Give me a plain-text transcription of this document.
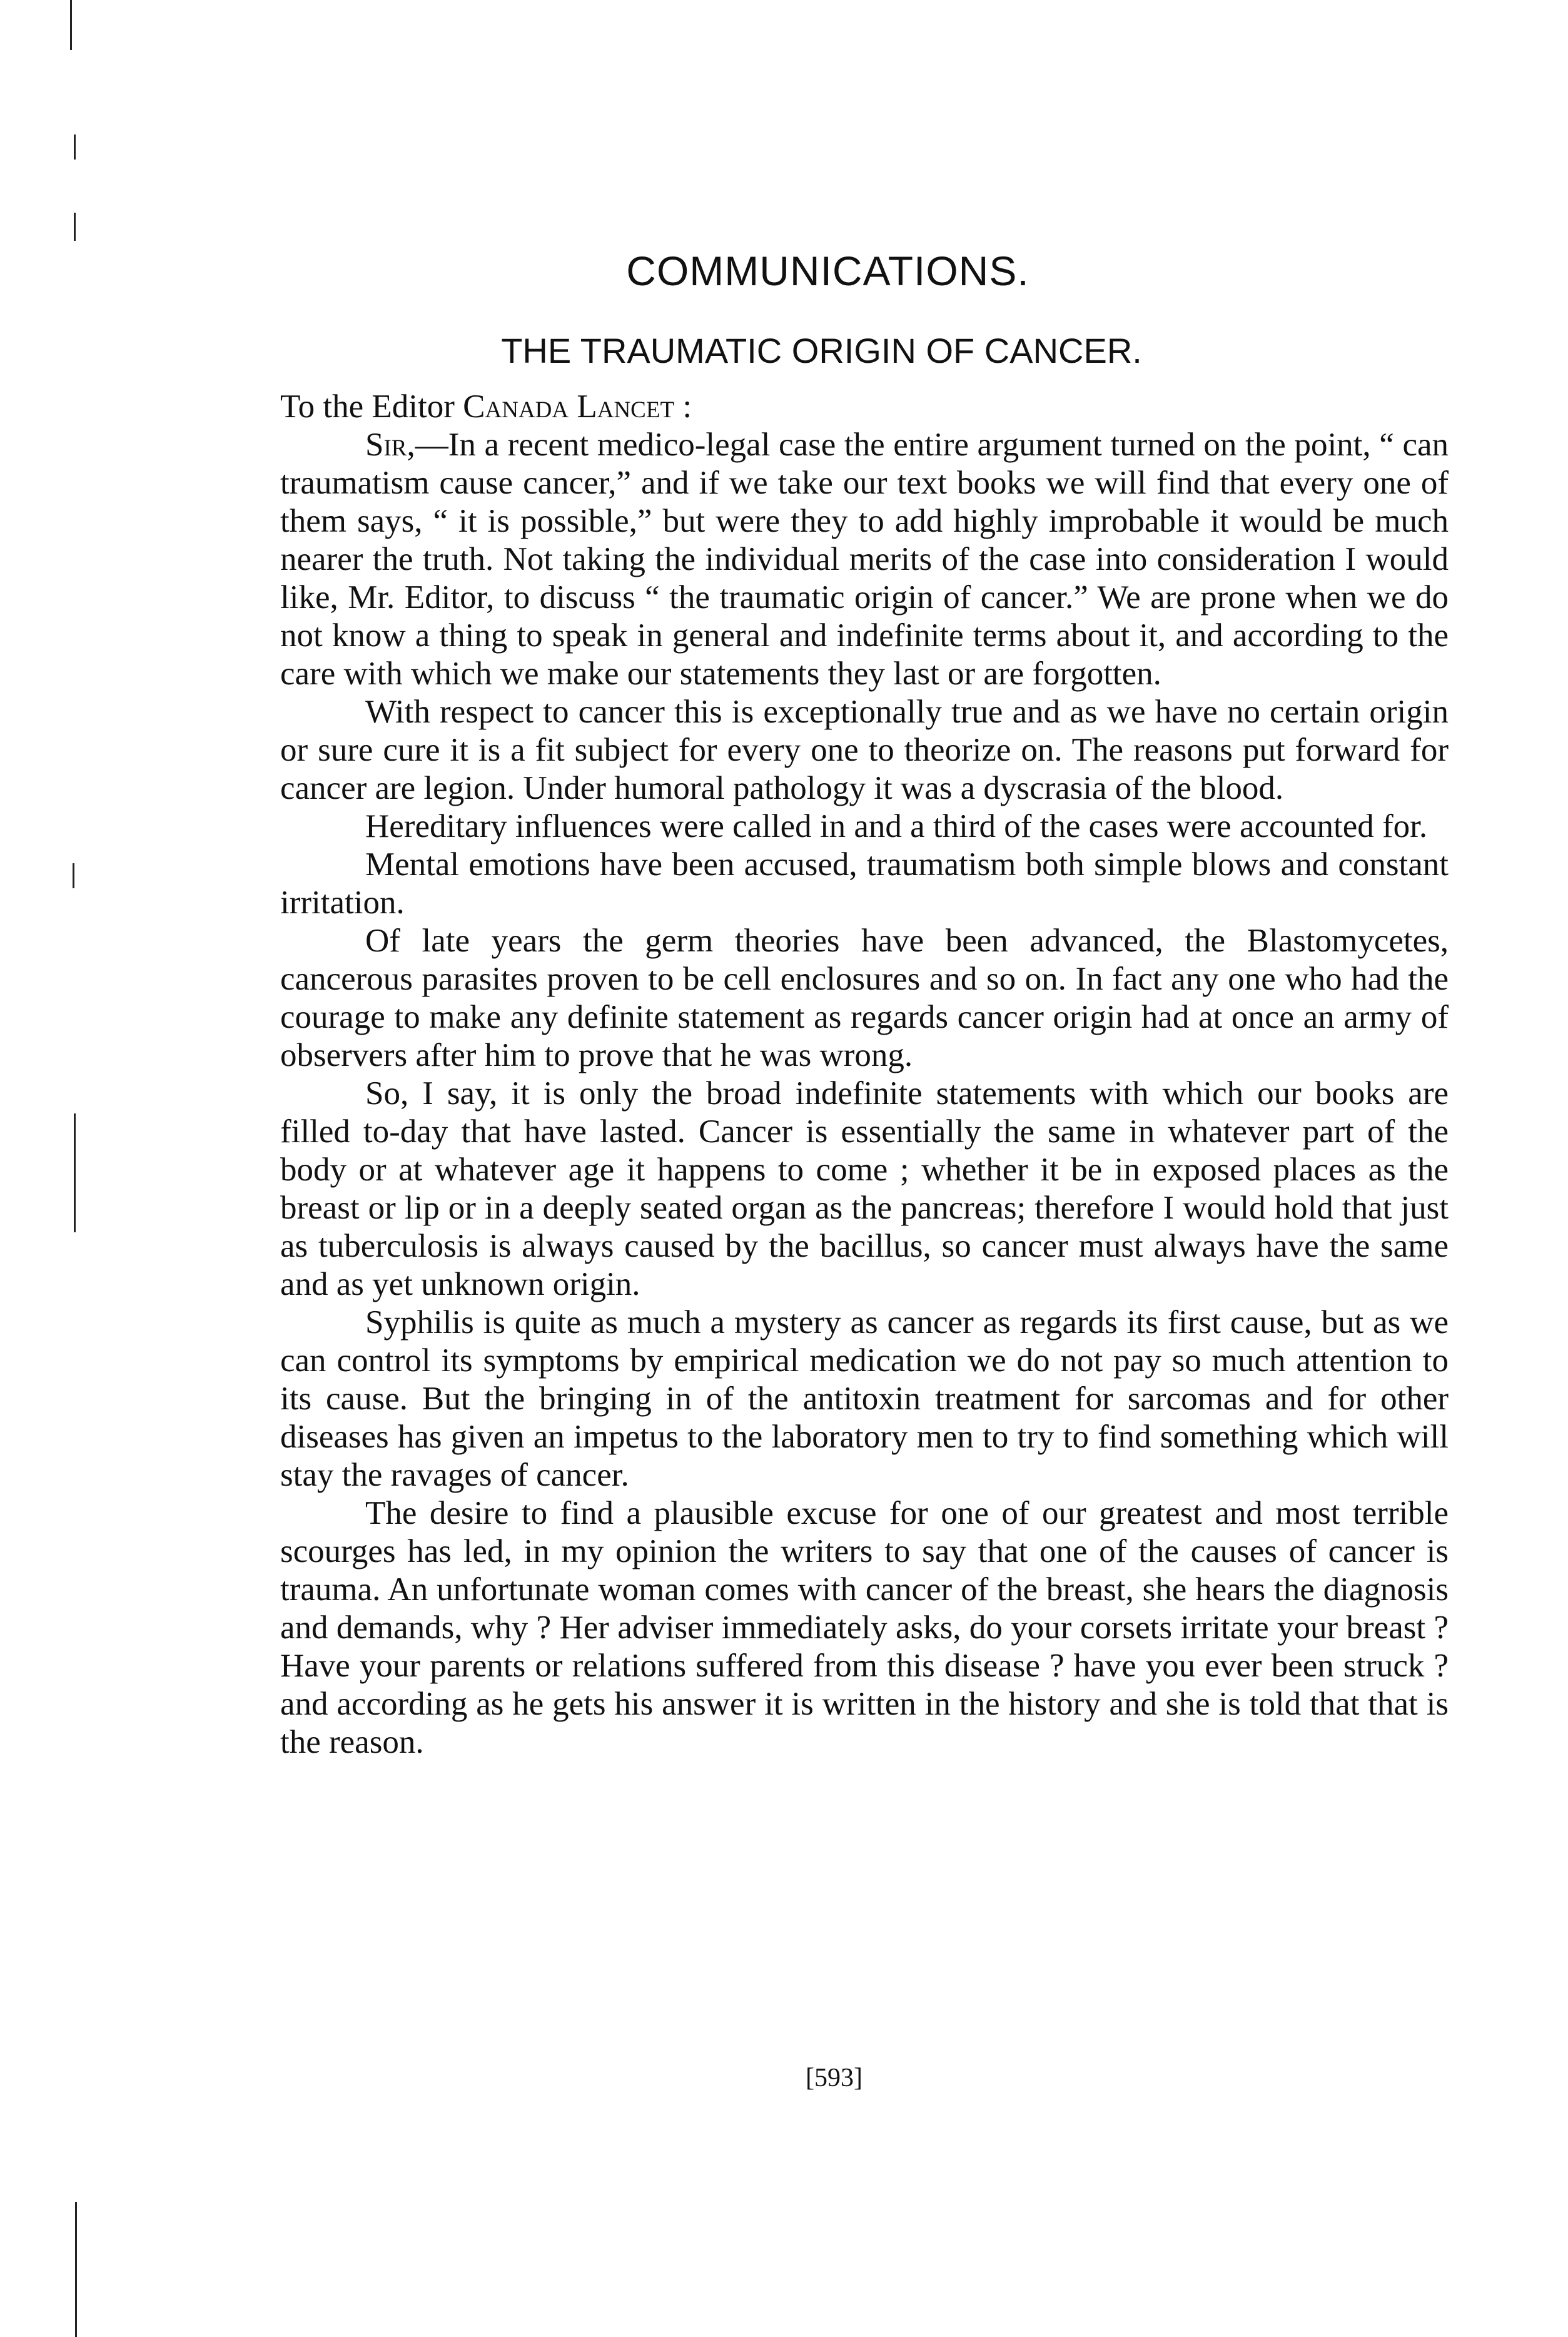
COMMUNICATIONS.
THE TRAUMATIC ORIGIN OF CANCER.

To the Editor Canada Lancet :

Sir,—In a recent medico-legal case the entire argument turned on the point, “ can traumatism cause cancer,” and if we take our text books we will find that every one of them says, “ it is possible,” but were they to add highly improbable it would be much nearer the truth. Not taking the individual merits of the case into consideration I would like, Mr. Editor, to discuss “ the traumatic origin of cancer.” We are prone when we do not know a thing to speak in general and indefinite terms about it, and according to the care with which we make our statements they last or are forgotten.

With respect to cancer this is exceptionally true and as we have no certain origin or sure cure it is a fit subject for every one to theorize on. The reasons put forward for cancer are legion. Under humoral pathology it was a dyscrasia of the blood.

Hereditary influences were called in and a third of the cases were accounted for.

Mental emotions have been accused, traumatism both simple blows and constant irritation.

Of late years the germ theories have been advanced, the Blastomycetes, cancerous parasites proven to be cell enclosures and so on. In fact any one who had the courage to make any definite statement as regards cancer origin had at once an army of observers after him to prove that he was wrong.

So, I say, it is only the broad indefinite statements with which our books are filled to-day that have lasted. Cancer is essentially the same in whatever part of the body or at whatever age it happens to come ; whether it be in exposed places as the breast or lip or in a deeply seated organ as the pancreas; therefore I would hold that just as tuberculosis is always caused by the bacillus, so cancer must always have the same and as yet unknown origin.

Syphilis is quite as much a mystery as cancer as regards its first cause, but as we can control its symptoms by empirical medication we do not pay so much attention to its cause. But the bringing in of the antitoxin treatment for sarcomas and for other diseases has given an impetus to the laboratory men to try to find something which will stay the ravages of cancer.

The desire to find a plausible excuse for one of our greatest and most terrible scourges has led, in my opinion the writers to say that one of the causes of cancer is trauma. An unfortunate woman comes with cancer of the breast, she hears the diagnosis and demands, why ? Her adviser immediately asks, do your corsets irritate your breast ? Have your parents or relations suffered from this disease ? have you ever been struck ? and according as he gets his answer it is written in the history and she is told that that is the reason.

[593]
